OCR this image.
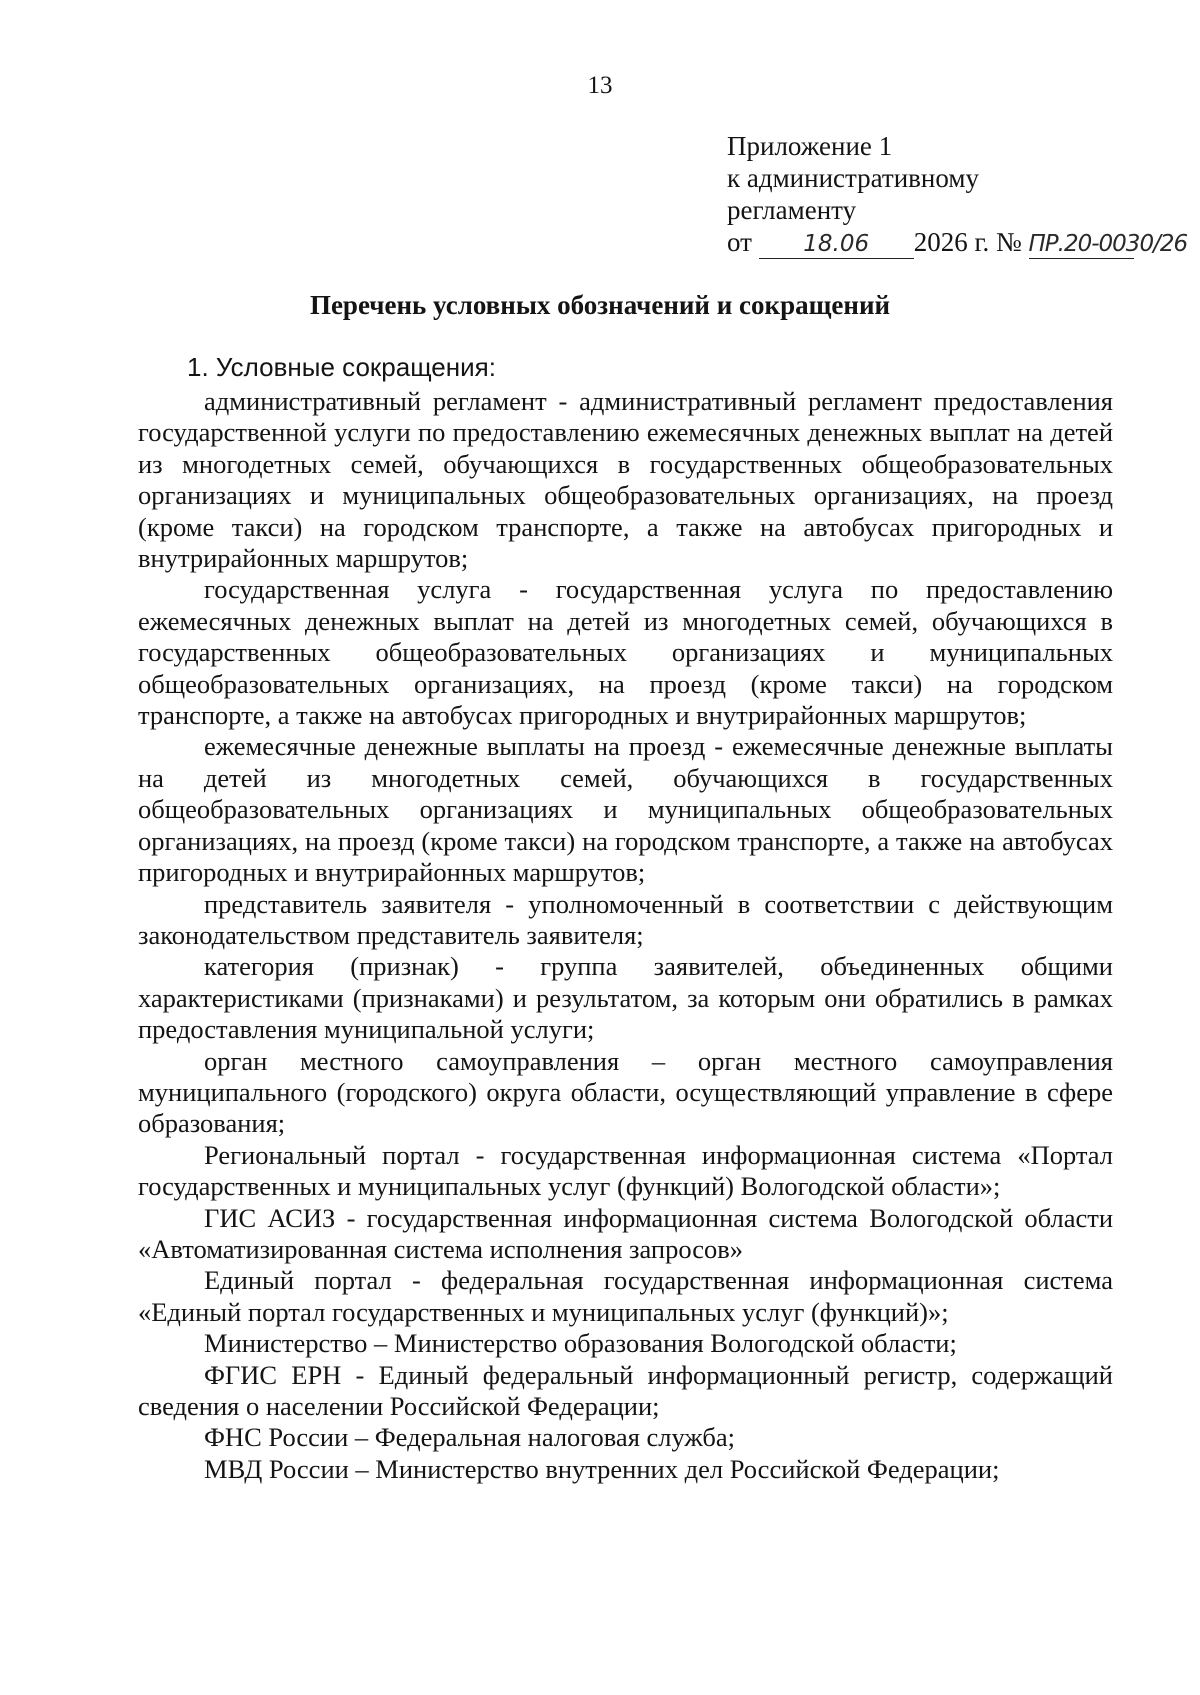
13
Приложение 1
к административному
регламенту
от 18.06 2026 г. № ПР.20-0030/26
Перечень условных обозначений и сокращений
1. Условные сокращения:

административный регламент - административный регламент предоставления государственной услуги по предоставлению ежемесячных денежных выплат на детей из многодетных семей, обучающихся в государственных общеобразовательных организациях и муниципальных общеобразовательных организациях, на проезд (кроме такси) на городском транспорте, а также на автобусах пригородных и внутрирайонных маршрутов;

государственная услуга - государственная услуга по предоставлению ежемесячных денежных выплат на детей из многодетных семей, обучающихся в государственных общеобразовательных организациях и муниципальных общеобразовательных организациях, на проезд (кроме такси) на городском транспорте, а также на автобусах пригородных и внутрирайонных маршрутов;

ежемесячные денежные выплаты на проезд - ежемесячные денежные выплаты на детей из многодетных семей, обучающихся в государственных общеобразовательных организациях и муниципальных общеобразовательных организациях, на проезд (кроме такси) на городском транспорте, а также на автобусах пригородных и внутрирайонных маршрутов;

представитель заявителя - уполномоченный в соответствии с действующим законодательством представитель заявителя;

категория (признак) - группа заявителей, объединенных общими характеристиками (признаками) и результатом, за которым они обратились в рамках предоставления муниципальной услуги;

орган местного самоуправления – орган местного самоуправления муниципального (городского) округа области, осуществляющий управление в сфере образования;

Региональный портал - государственная информационная система «Портал государственных и муниципальных услуг (функций) Вологодской области»;

ГИС АСИЗ - государственная информационная система Вологодской области «Автоматизированная система исполнения запросов»

Единый портал - федеральная государственная информационная система «Единый портал государственных и муниципальных услуг (функций)»;

Министерство – Министерство образования Вологодской области;

ФГИС ЕРН - Единый федеральный информационный регистр, содержащий сведения о населении Российской Федерации;

ФНС России – Федеральная налоговая служба;

МВД России – Министерство внутренних дел Российской Федерации;
